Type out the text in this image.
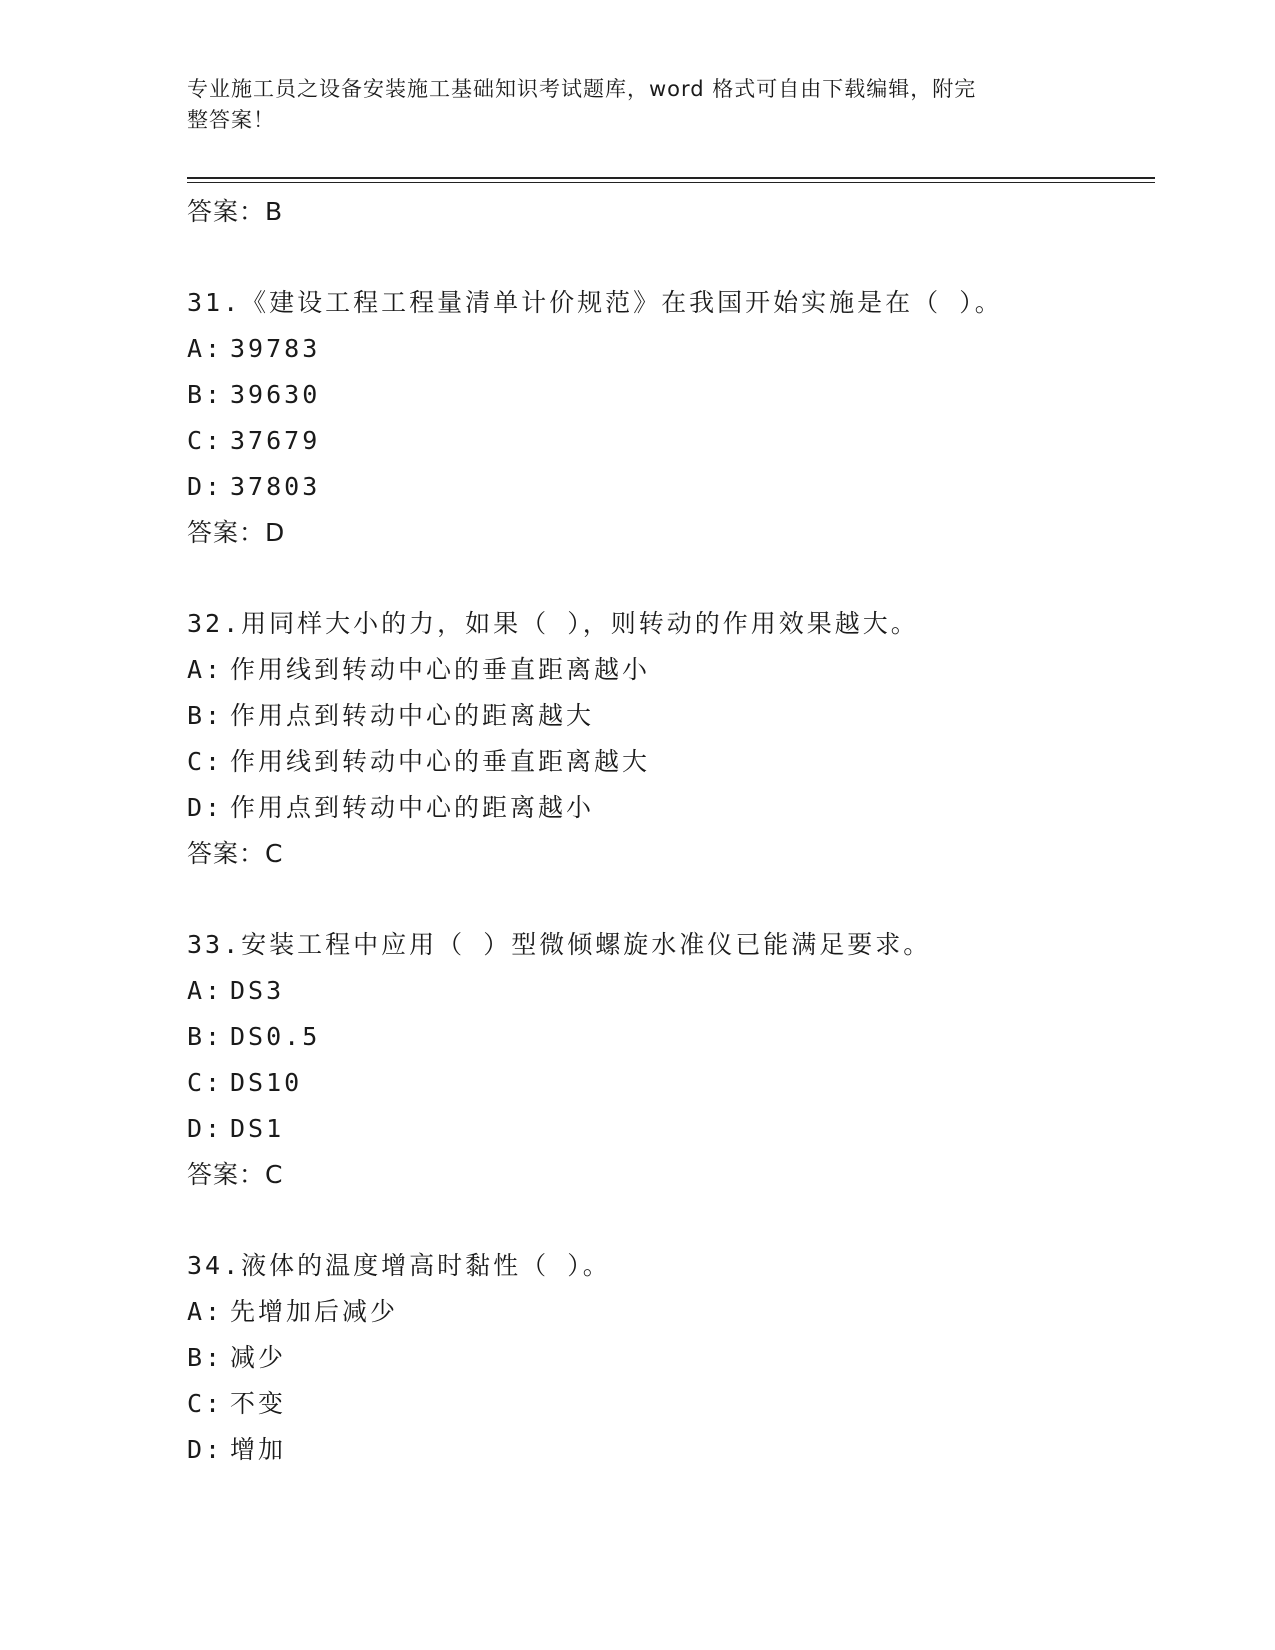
专业施工员之设备安装施工基础知识考试题库，word 格式可自由下载编辑，附完
整答案！
答案：B
31.《建设工程工程量清单计价规范》在我国开始实施是在（ ）。
A: 39783
B: 39630
C: 37679
D: 37803
答案：D
32.用同样大小的力，如果（ ），则转动的作用效果越大。
A: 作用线到转动中心的垂直距离越小
B: 作用点到转动中心的距离越大
C: 作用线到转动中心的垂直距离越大
D: 作用点到转动中心的距离越小
答案：C
33.安装工程中应用（ ）型微倾螺旋水准仪已能满足要求。
A: DS3
B: DS0.5
C: DS10
D: DS1
答案：C
34.液体的温度增高时黏性（ ）。
A: 先增加后减少
B: 减少
C: 不变
D: 增加
